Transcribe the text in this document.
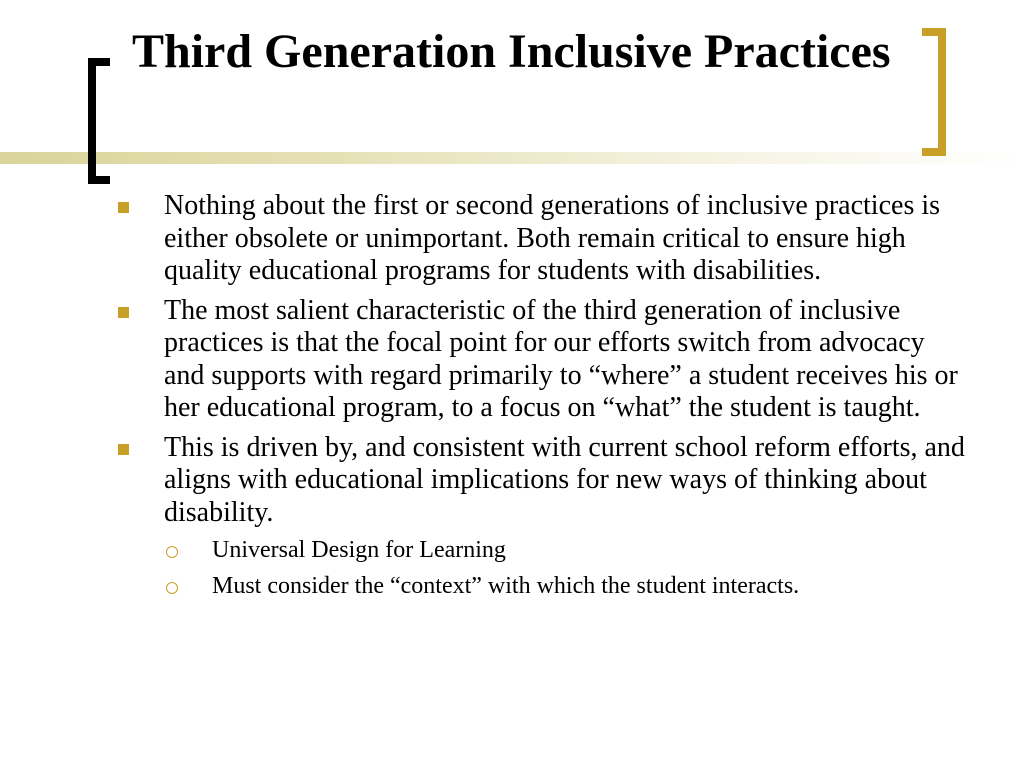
Third Generation Inclusive Practices
Nothing about the first or second generations of inclusive practices is either obsolete or unimportant. Both remain critical to ensure high quality educational programs for students with disabilities.
The most salient characteristic of the third generation of inclusive practices is that the focal point for our efforts switch from advocacy and supports with regard primarily to “where” a student receives his or her educational program, to a focus on “what” the student is taught.
This is driven by, and consistent with current school reform efforts, and aligns with educational implications for new ways of thinking about disability.
Universal Design for Learning
Must consider the “context” with which the student interacts.
